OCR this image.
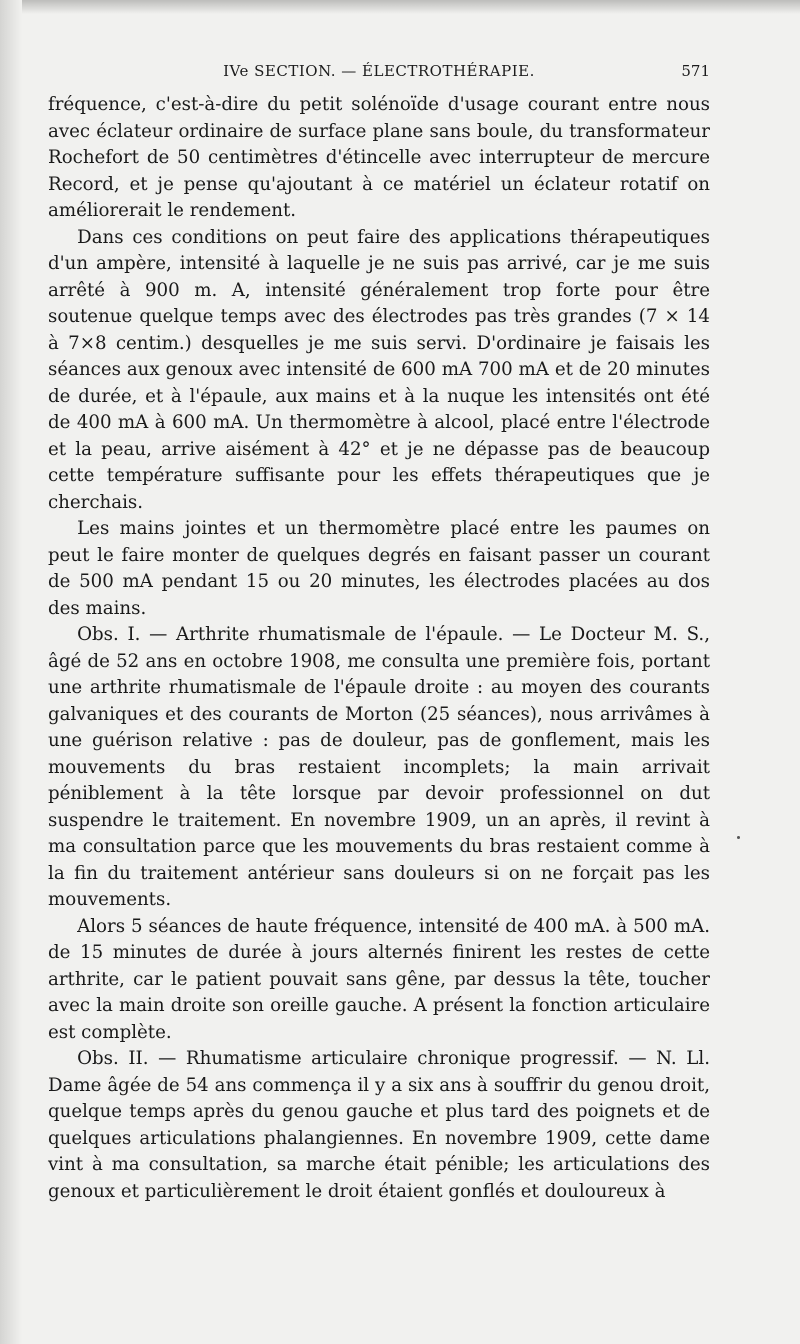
IVe SECTION. — ÉLECTROTHÉRAPIE.	571

fréquence, c'est-à-dire du petit solénoïde d'usage courant entre nous avec éclateur ordinaire de surface plane sans boule, du transformateur Rochefort de 50 centimètres d'étincelle avec interrupteur de mercure Record, et je pense qu'ajoutant à ce matériel un éclateur rotatif on améliorerait le rendement.

Dans ces conditions on peut faire des applications thérapeutiques d'un ampère, intensité à laquelle je ne suis pas arrivé, car je me suis arrêté à 900 m. A, intensité généralement trop forte pour être soutenue quelque temps avec des électrodes pas très grandes (7 × 14 à 7×8 centim.) desquelles je me suis servi. D'ordinaire je faisais les séances aux genoux avec intensité de 600 mA 700 mA et de 20 minutes de durée, et à l'épaule, aux mains et à la nuque les intensités ont été de 400 mA à 600 mA. Un thermomètre à alcool, placé entre l'électrode et la peau, arrive aisément à 42° et je ne dépasse pas de beaucoup cette température suffisante pour les effets thérapeutiques que je cherchais.

Les mains jointes et un thermomètre placé entre les paumes on peut le faire monter de quelques degrés en faisant passer un courant de 500 mA pendant 15 ou 20 minutes, les électrodes placées au dos des mains.

Obs. I. — Arthrite rhumatismale de l'épaule. — Le Docteur M. S., âgé de 52 ans en octobre 1908, me consulta une première fois, portant une arthrite rhumatismale de l'épaule droite : au moyen des courants galvaniques et des courants de Morton (25 séances), nous arrivâmes à une guérison relative : pas de douleur, pas de gonflement, mais les mouvements du bras restaient incomplets; la main arrivait péniblement à la tête lorsque par devoir professionnel on dut suspendre le traitement. En novembre 1909, un an après, il revint à ma consultation parce que les mouvements du bras restaient comme à la fin du traitement antérieur sans douleurs si on ne forçait pas les mouvements.

Alors 5 séances de haute fréquence, intensité de 400 mA. à 500 mA. de 15 minutes de durée à jours alternés finirent les restes de cette arthrite, car le patient pouvait sans gêne, par dessus la tête, toucher avec la main droite son oreille gauche. A présent la fonction articulaire est complète.

Obs. II. — Rhumatisme articulaire chronique progressif. — N. Ll. Dame âgée de 54 ans commença il y a six ans à souffrir du genou droit, quelque temps après du genou gauche et plus tard des poignets et de quelques articulations phalangiennes. En novembre 1909, cette dame vint à ma consultation, sa marche était pénible; les articulations des genoux et particulièrement le droit étaient gonflés et douloureux à
